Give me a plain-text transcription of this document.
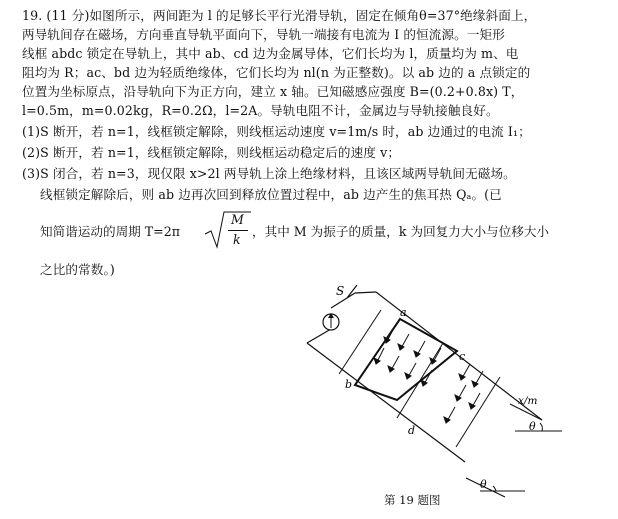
19. (11 分)如图所示，两间距为 l 的足够长平行光滑导轨，固定在倾角θ=37°绝缘斜面上，
两导轨间存在磁场，方向垂直导轨平面向下，导轨一端接有电流为 I 的恒流源。一矩形
线框 abdc 锁定在导轨上，其中 ab、cd 边为金属导体，它们长均为 l，质量均为 m、电
阻均为 R；ac、bd 边为轻质绝缘体，它们长均为 nl(n 为正整数)。以 ab 边的 a 点锁定的
位置为坐标原点，沿导轨向下为正方向，建立 x 轴。已知磁感应强度 B=(0.2+0.8x) T，
l=0.5m，m=0.02kg，R=0.2Ω，l=2A。导轨电阻不计，金属边与导轨接触良好。
(1)S 断开，若 n=1，线框锁定解除，则线框运动速度 v=1m/s 时，ab 边通过的电流 I₁；
(2)S 断开，若 n=1，线框锁定解除，则线框运动稳定后的速度 v；
(3)S 闭合，若 n=3，现仅限 x>2l 两导轨上涂上绝缘材料，且该区域两导轨间无磁场。
线框锁定解除后，则 ab 边再次回到释放位置过程中，ab 边产生的焦耳热 Qₐ。(已
知简谐运动的周期 T=2π
M
k
，其中 M 为振子的质量，k 为回复力大小与位移大小
之比的常数。)
S
a
b
c
d
x/m
θ
θ
第 19 题图
